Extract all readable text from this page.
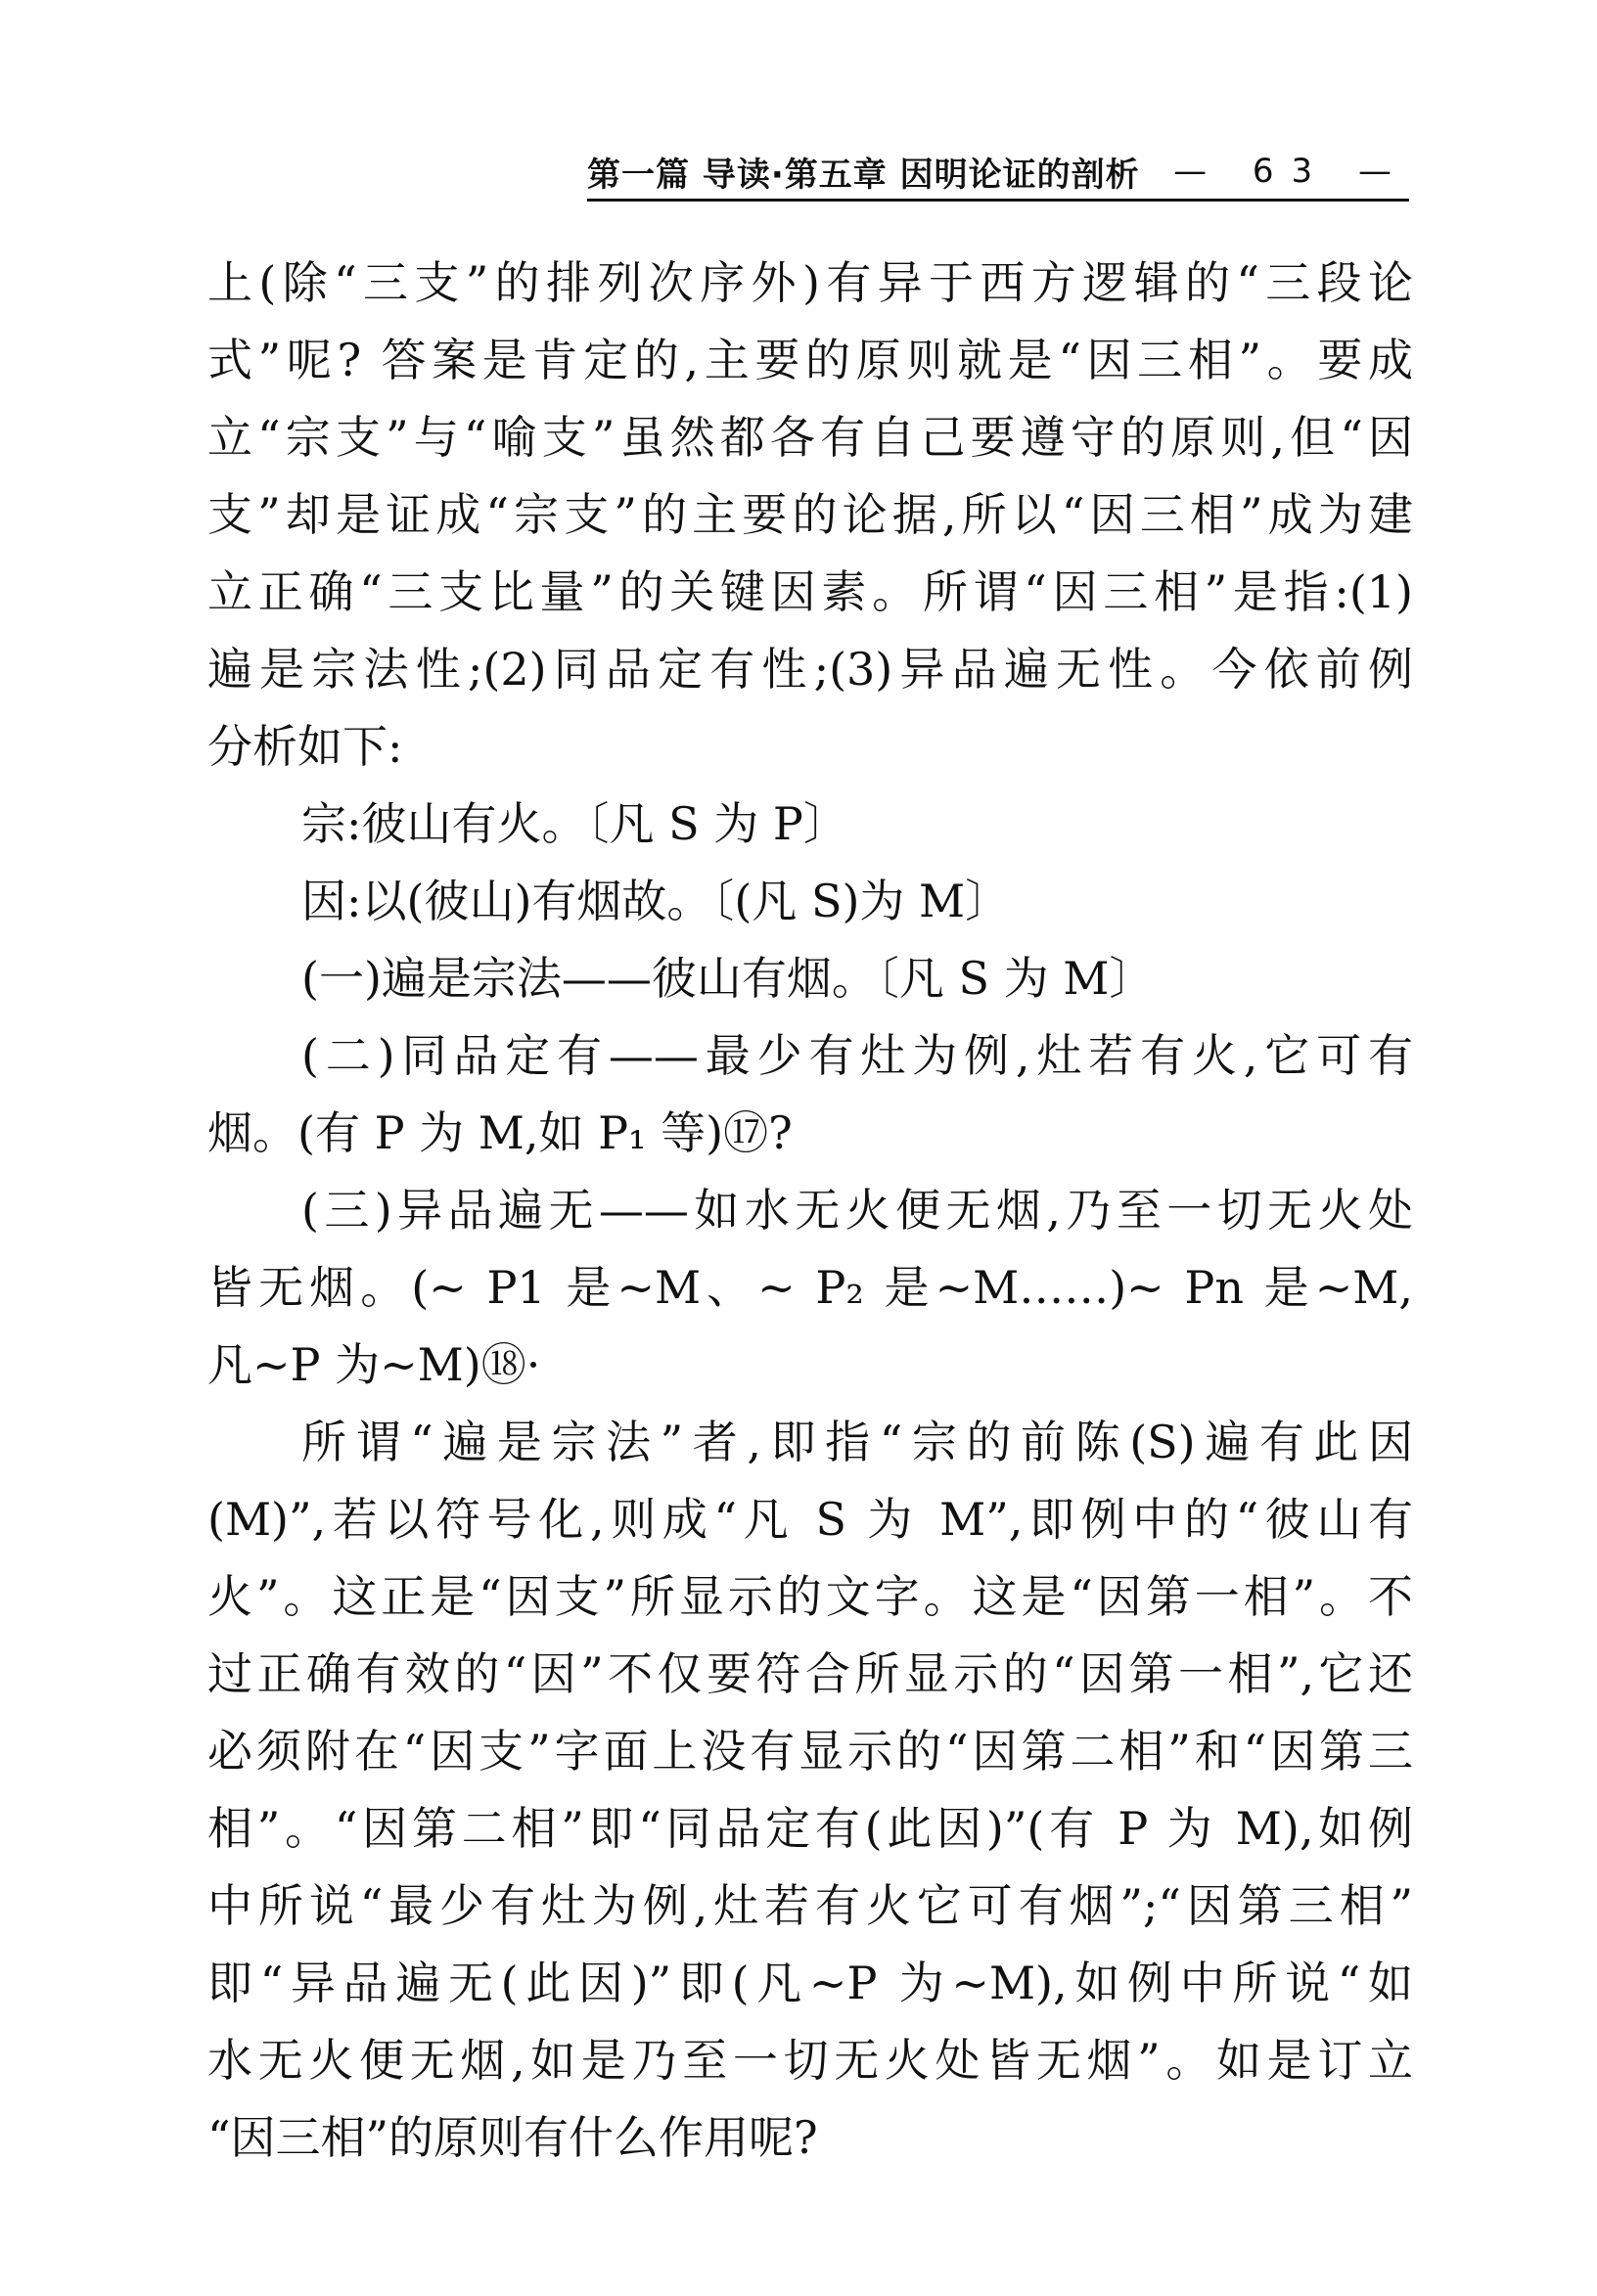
第一篇 导读·第五章 因明论证的剖析 — 63 —
上(除“三支”的排列次序外)有异于西方逻辑的“三段论
式”呢? 答案是肯定的,主要的原则就是“因三相”。要成
立“宗支”与“喻支”虽然都各有自己要遵守的原则,但“因
支”却是证成“宗支”的主要的论据,所以“因三相”成为建
立正确“三支比量”的关键因素。所谓“因三相”是指:(1)
遍是宗法性;(2)同品定有性;(3)异品遍无性。今依前例
分析如下:
宗:彼山有火。〔凡 S 为 P〕
因:以(彼山)有烟故。〔(凡 S)为 M〕
(一)遍是宗法——彼山有烟。〔凡 S 为 M〕
(二)同品定有——最少有灶为例,灶若有火,它可有
烟。(有 P 为 M,如 P₁ 等)⑰?
(三)异品遍无——如水无火便无烟,乃至一切无火处
皆无烟。(~ P1 是~M、~ P₂ 是~M……)~ Pn 是~M,
凡~P 为~M)⑱·
所谓“遍是宗法”者,即指“宗的前陈(S)遍有此因
(M)”,若以符号化,则成“凡 S 为 M”,即例中的“彼山有
火”。这正是“因支”所显示的文字。这是“因第一相”。不
过正确有效的“因”不仅要符合所显示的“因第一相”,它还
必须附在“因支”字面上没有显示的“因第二相”和“因第三
相”。“因第二相”即“同品定有(此因)”(有 P 为 M),如例
中所说“最少有灶为例,灶若有火它可有烟”;“因第三相”
即“异品遍无(此因)”即(凡~P 为~M),如例中所说“如
水无火便无烟,如是乃至一切无火处皆无烟”。如是订立
“因三相”的原则有什么作用呢?
